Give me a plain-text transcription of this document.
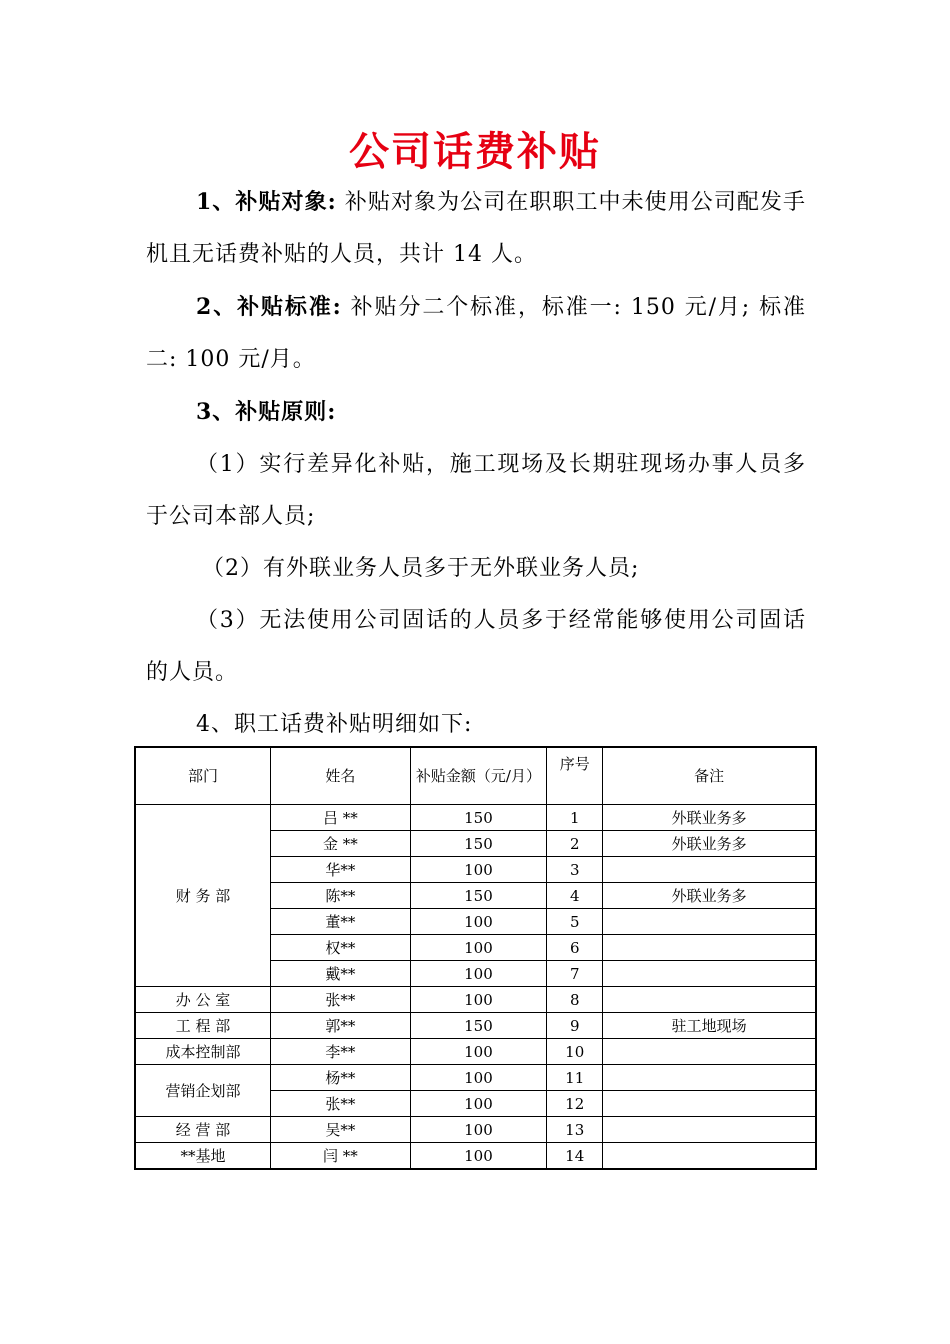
公司话费补贴

1、补贴对象: 补贴对象为公司在职职工中未使用公司配发手机且无话费补贴的人员，共计 14 人。

2、补贴标准: 补贴分二个标准，标准一: 150 元/月; 标准二: 100 元/月。

3、补贴原则:

（1）实行差异化补贴，施工现场及长期驻现场办事人员多于公司本部人员;

（2）有外联业务人员多于无外联业务人员;

（3）无法使用公司固话的人员多于经常能够使用公司固话的人员。

4、职工话费补贴明细如下:

部门	姓名	补贴金额（元/月）	序号	备注
财 务 部	吕 **	150	1	外联业务多
	金 **	150	2	外联业务多
	华**	100	3	
	陈**	150	4	外联业务多
	董**	100	5	
	权**	100	6	
	戴**	100	7	
办 公 室	张**	100	8	
工 程 部	郭**	150	9	驻工地现场
成本控制部	李**	100	10	
营销企划部	杨**	100	11	
	张**	100	12	
经 营 部	吴**	100	13	
**基地	闫 **	100	14	
